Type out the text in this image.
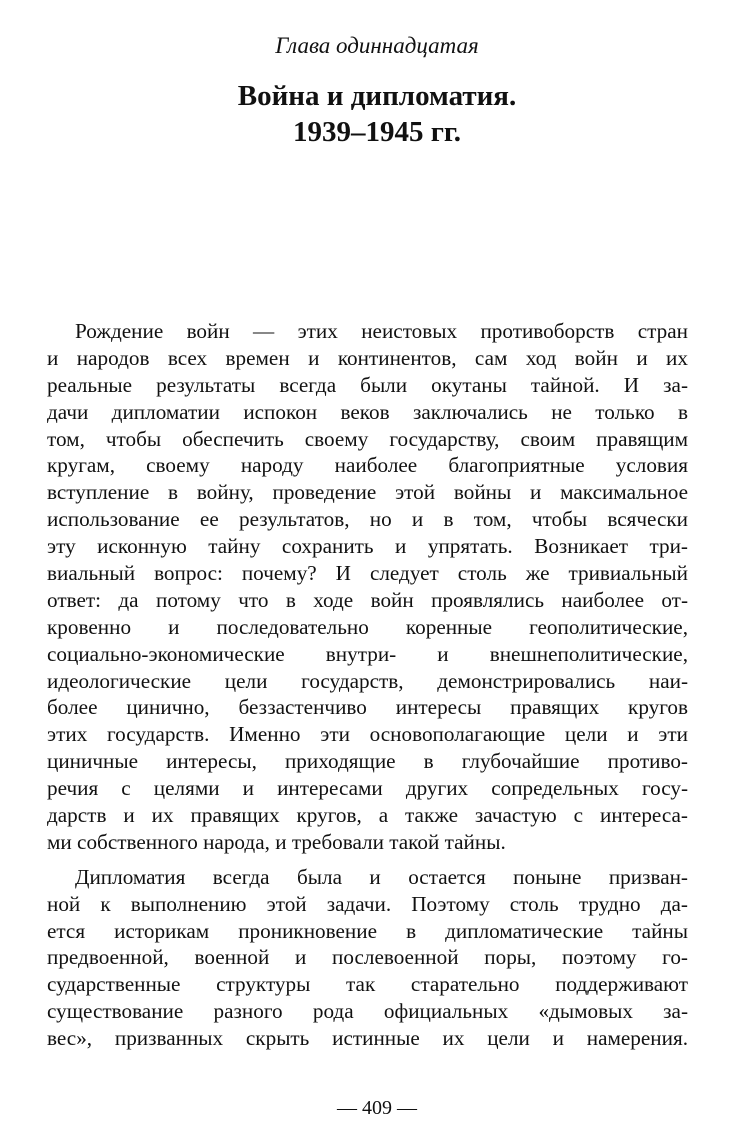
Глава одиннадцатая
Война и дипломатия.
1939–1945 гг.
Рождение войн — этих неистовых противоборств стран
и народов всех времен и континентов, сам ход войн и их
реальные результаты всегда были окутаны тайной. И за-
дачи дипломатии испокон веков заключались не только в
том, чтобы обеспечить своему государству, своим правящим
кругам, своему народу наиболее благоприятные условия
вступление в войну, проведение этой войны и максимальное
использование ее результатов, но и в том, чтобы всячески
эту исконную тайну сохранить и упрятать. Возникает три-
виальный вопрос: почему? И следует столь же тривиальный
ответ: да потому что в ходе войн проявлялись наиболее от-
кровенно и последовательно коренные геополитические,
социально-экономические внутри- и внешнеполитические,
идеологические цели государств, демонстрировались наи-
более цинично, беззастенчиво интересы правящих кругов
этих государств. Именно эти основополагающие цели и эти
циничные интересы, приходящие в глубочайшие противо-
речия с целями и интересами других сопредельных госу-
дарств и их правящих кругов, а также зачастую с интереса-
ми собственного народа, и требовали такой тайны.
Дипломатия всегда была и остается поныне призван-
ной к выполнению этой задачи. Поэтому столь трудно да-
ется историкам проникновение в дипломатические тайны
предвоенной, военной и послевоенной поры, поэтому го-
сударственные структуры так старательно поддерживают
существование разного рода официальных «дымовых за-
вес», призванных скрыть истинные их цели и намерения.
— 409 —
